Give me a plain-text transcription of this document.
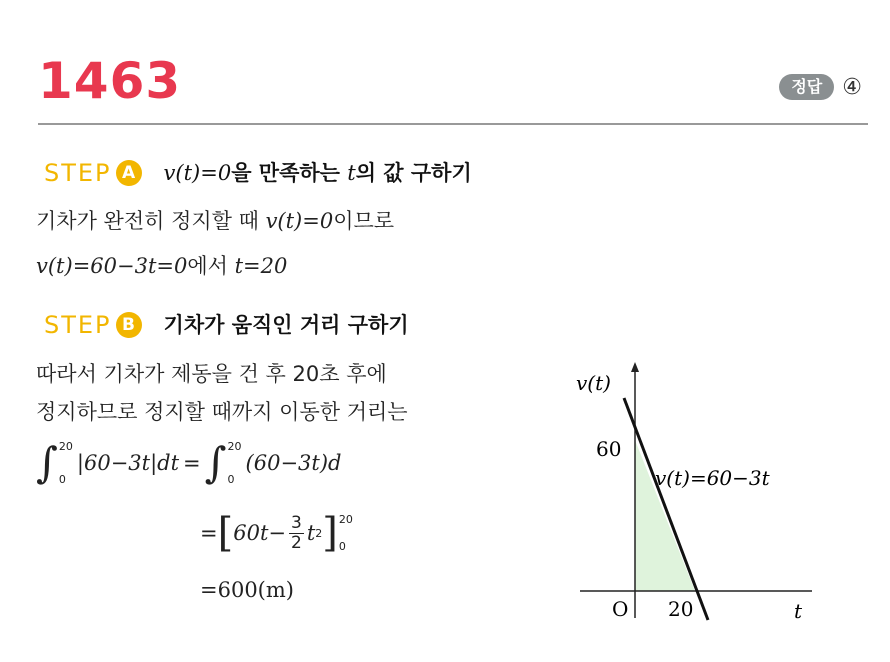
1463	정답 ④
STEP A	v(t)=0을 만족하는 t의 값 구하기
기차가 완전히 정지할 때 v(t)=0이므로
v(t)=60−3t=0에서 t=20
STEP B	기차가 움직인 거리 구하기
따라서 기차가 제동을 건 후 20초 후에
정지하므로 정지할 때까지 이동한 거리는
∫ 20
0
|60−3t|dt = ∫ 20
0
(60−3t)d
= [ $60t- \frac{3}{2}$ t 2 ] 20
0
=600(m)
v(t)
60
v(t)=60−3t
O 20	t
